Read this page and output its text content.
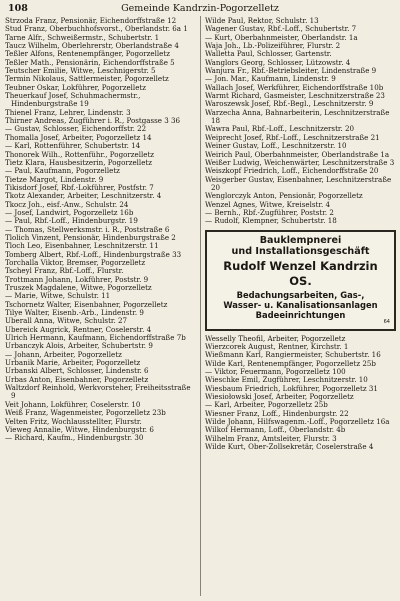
108	Gemeinde Kandrzin-Pogorzelletz

Strzoda Franz, Pensionär, Eichendorffstraße 12

Stud Franz, Oberbuchhofsvorst., Oberlandstr. 6a 1

Tarne Alfr., Schweißermstr., Schubertstr. 1

Taucz Wilhelm, Oberlehrerstr, Oberlandstraße 4

Teßler Alfons, Rentenempfänger, Pogorzelletz

Teßler Math., Pensionärin, Eichendorffstraße 5

Teutscher Emilie, Witwe, Leschnigerstr. 5

Termin Nikolaus, Sattlermeister, Pogorzelletz

Teubner Oskar, Lokführer, Pogorzelletz

Theuerkauf Josef, Schuhmachermstr., Hindenburgstraße 19

Thienel Franz, Lehrer, Lindenstr. 3

Thirner Andreas, Zugführer i. R., Postgasse 3 36

— Gustav, Schlosser, Eichendorffstr. 22

Thomalla Josef, Arbeiter, Pogorzelletz 14

— Karl, Rottenführer, Schubertstr. 14

Thonorek Wilh., Rottenführ., Pogorzelletz

Tietz Klara, Hausbesitzerin, Pogorzelletz

— Paul, Kaufmann, Pogorzelletz

Tietze Margot, Lindenstr. 9

Tikisdorf Josef, Rbf.-Lokführer, Postfstr. 7

Tkotz Alexander, Arbeiter, Leschnitzerstr. 4

Tkocz Joh., eisf.-Anw., Schulstr. 24

— Josef, Landwirt, Pogorzelletz 16b

— Paul, Rbf.-Loff., Hindenburgstr. 19

— Thomas, Stellwerksmstr. i. R., Poststraße 6

Tlolich Vinzent, Pensionär, Hindenburgstraße 2

Tloch Leo, Eisenbahner, Leschnitzerstr. 11

Tomberg Albert, Rbf.-Loff., Hindenburgstraße 33

Torchalla Viktor, Bremser, Pogorzelletz

Tscheyl Franz, Rbf.-Loff., Flurstr.

Trottmann Johann, Lokführer, Poststr. 9

Truszek Magdalene, Witwe, Pogorzelletz

— Marie, Witwe, Schulstr. 11

Tschornetz Walter, Eisenbahner, Pogorzelletz

Tilye Walter, Eisenb.-Arb., Lindenstr. 9

Uberall Anna, Witwe, Schulstr. 27

Ubereick Augrick, Rentner, Coselerstr. 4

Ulrich Hermann, Kaufmann, Eichendorffstraße 7b

Urbanczyk Alois, Arbeiter, Schubertstr. 9

— Johann, Arbeiter, Pogorzelletz

Urbanik Marie, Arbeiter, Pogorzelletz

Urbanski Albert, Schlosser, Lindenstr. 6

Urbas Anton, Eisenbahner, Pogorzelletz

Waltzdorf Reinhold, Werkvorsteher, Freiheitsstraße 9

Veit Johann, Lokführer, Coselerstr. 10

Weiß Franz, Wagenmeister, Pogorzelletz 23b

Velten Fritz, Wochlausstellter, Flurstr.

Vieweg Annalie, Witwe, Hindenburgstr. 6

— Richard, Kaufm., Hindenburgstr. 30

Wilde Paul, Rektor, Schulstr. 13

Wagener Gustav, Rbf.-Loff., Schubertstr. 7

— Kurt, Oberbahnmeister, Oberlandstr. 1a

Waja Joh., Lb.-Polizeiführer, Flurstr. 2

Walletta Paul, Schlosser, Gartenstr.

Wanglors Georg, Schlosser, Lützowstr. 4

Wanjura Fr., Rbf.-Betriebsleiter, Lindenstraße 9

— Jon. Mar., Kaufmann, Lindenstr. 9

Wallach Josef, Werkführer, Eichendorffstraße 10b

Warmt Richard, Gasmeister, Leschnitzerstraße 23

Waroszewsk Josef, Rbf.-Begl., Leschnitzerstr. 9

Warzecha Anna, Bahnarbeiterin, Leschnitzerstraße 18

Wawra Paul, Rbf.-Loff., Leschnitzerstr. 20

Weiprecht Josef, Rbf.-Loff., Leschnitzerstraße 21

Weiner Gustav, Loff., Leschnitzerstr. 10

Weirich Paul, Oberbahnmeister, Oberlandstraße 1a

Weißer Ludwig, Weichenwärter, Leschnitzerstraße 3

Weiszkopf Friedrich, Loff., Eichendorffstraße 20

Weisgerber Gustav, Eisenbahner, Leschnitzerstraße 20

Wenglorczyk Anton, Pensionär, Pogorzelletz

Wenzel Agnes, Witwe, Kreiselstr. 4

— Bernh., Rbf.-Zugführer, Poststr. 2

— Rudolf, Klempner, Schubertstr. 18

Bauklempnerei
und Installationsgeschäft
Rudolf Wenzel Kandrzin OS.
Bedachungsarbeiten, Gas-,
Wasser- u. Kanalisationsanlagen
Badeeinrichtungen
64

Wesselly Theofil, Arbeiter, Pogorzelletz

Wierzcorek August, Rentner, Kirchstr. 1

Wießmann Karl, Rangiermeister, Schubertstr. 16

Wilde Karl, Rentenempfänger, Pogorzelletz 25b

— Viktor, Feuermann, Pogorzelletz 100

Wieschke Emil, Zugführer, Leschnitzerstr. 10

Wiesbaum Friedrich, Lokführer, Pogorzelletz 31

Wiesiołowski Josef, Arbeiter, Pogorzelletz

— Karl, Arbeiter, Pogorzelletz 25b

Wiesner Franz, Loff., Hindenburgstr. 22

Wilde Johann, Hilfswagenm.-Loff., Pogorzelletz 16a

Wilkof Hermann, Loff., Oberlandstr. 4b

Wilhelm Franz, Amtsleiter, Flurstr. 3

Wilde Kurt, Ober-Zollsekretär, Coselerstraße 4
